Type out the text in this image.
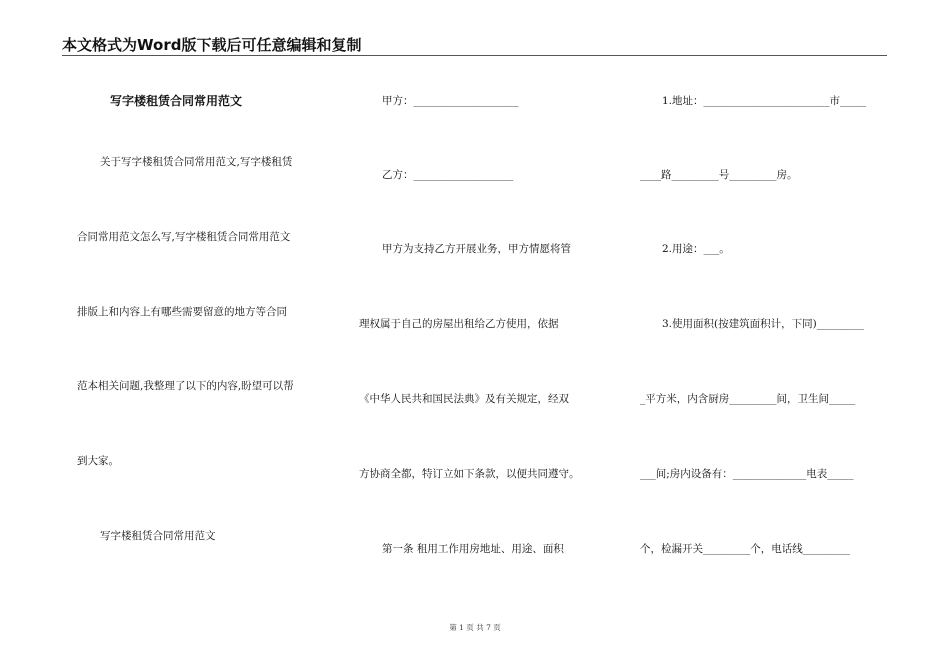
本文格式为Word版下载后可任意编辑和复制
写字楼租赁合同常用范文
关于写字楼租赁合同常用范文,写字楼租赁
合同常用范文怎么写,写字楼租赁合同常用范文
排版上和内容上有哪些需要留意的地方等合同
范本相关问题,我整理了以下的内容,盼望可以帮
到大家。
写字楼租赁合同常用范文
甲方：____________________
乙方：___________________
甲方为支持乙方开展业务，甲方情愿将管
理权属于自己的房屋出租给乙方使用，依据
《中华人民共和国民法典》及有关规定，经双
方协商全都，特订立如下条款，以便共同遵守。
第一条 租用工作用房地址、用途、面积
1.地址：________________________市_____
____路_________号_________房。
2.用途：___。
3.使用面积(按建筑面积计，下同)_________
_平方米，内含厨房_________间，卫生间_____
___间;房内设备有：______________电表_____
个，检漏开关_________个，电话线_________
第 1 页 共 7 页
